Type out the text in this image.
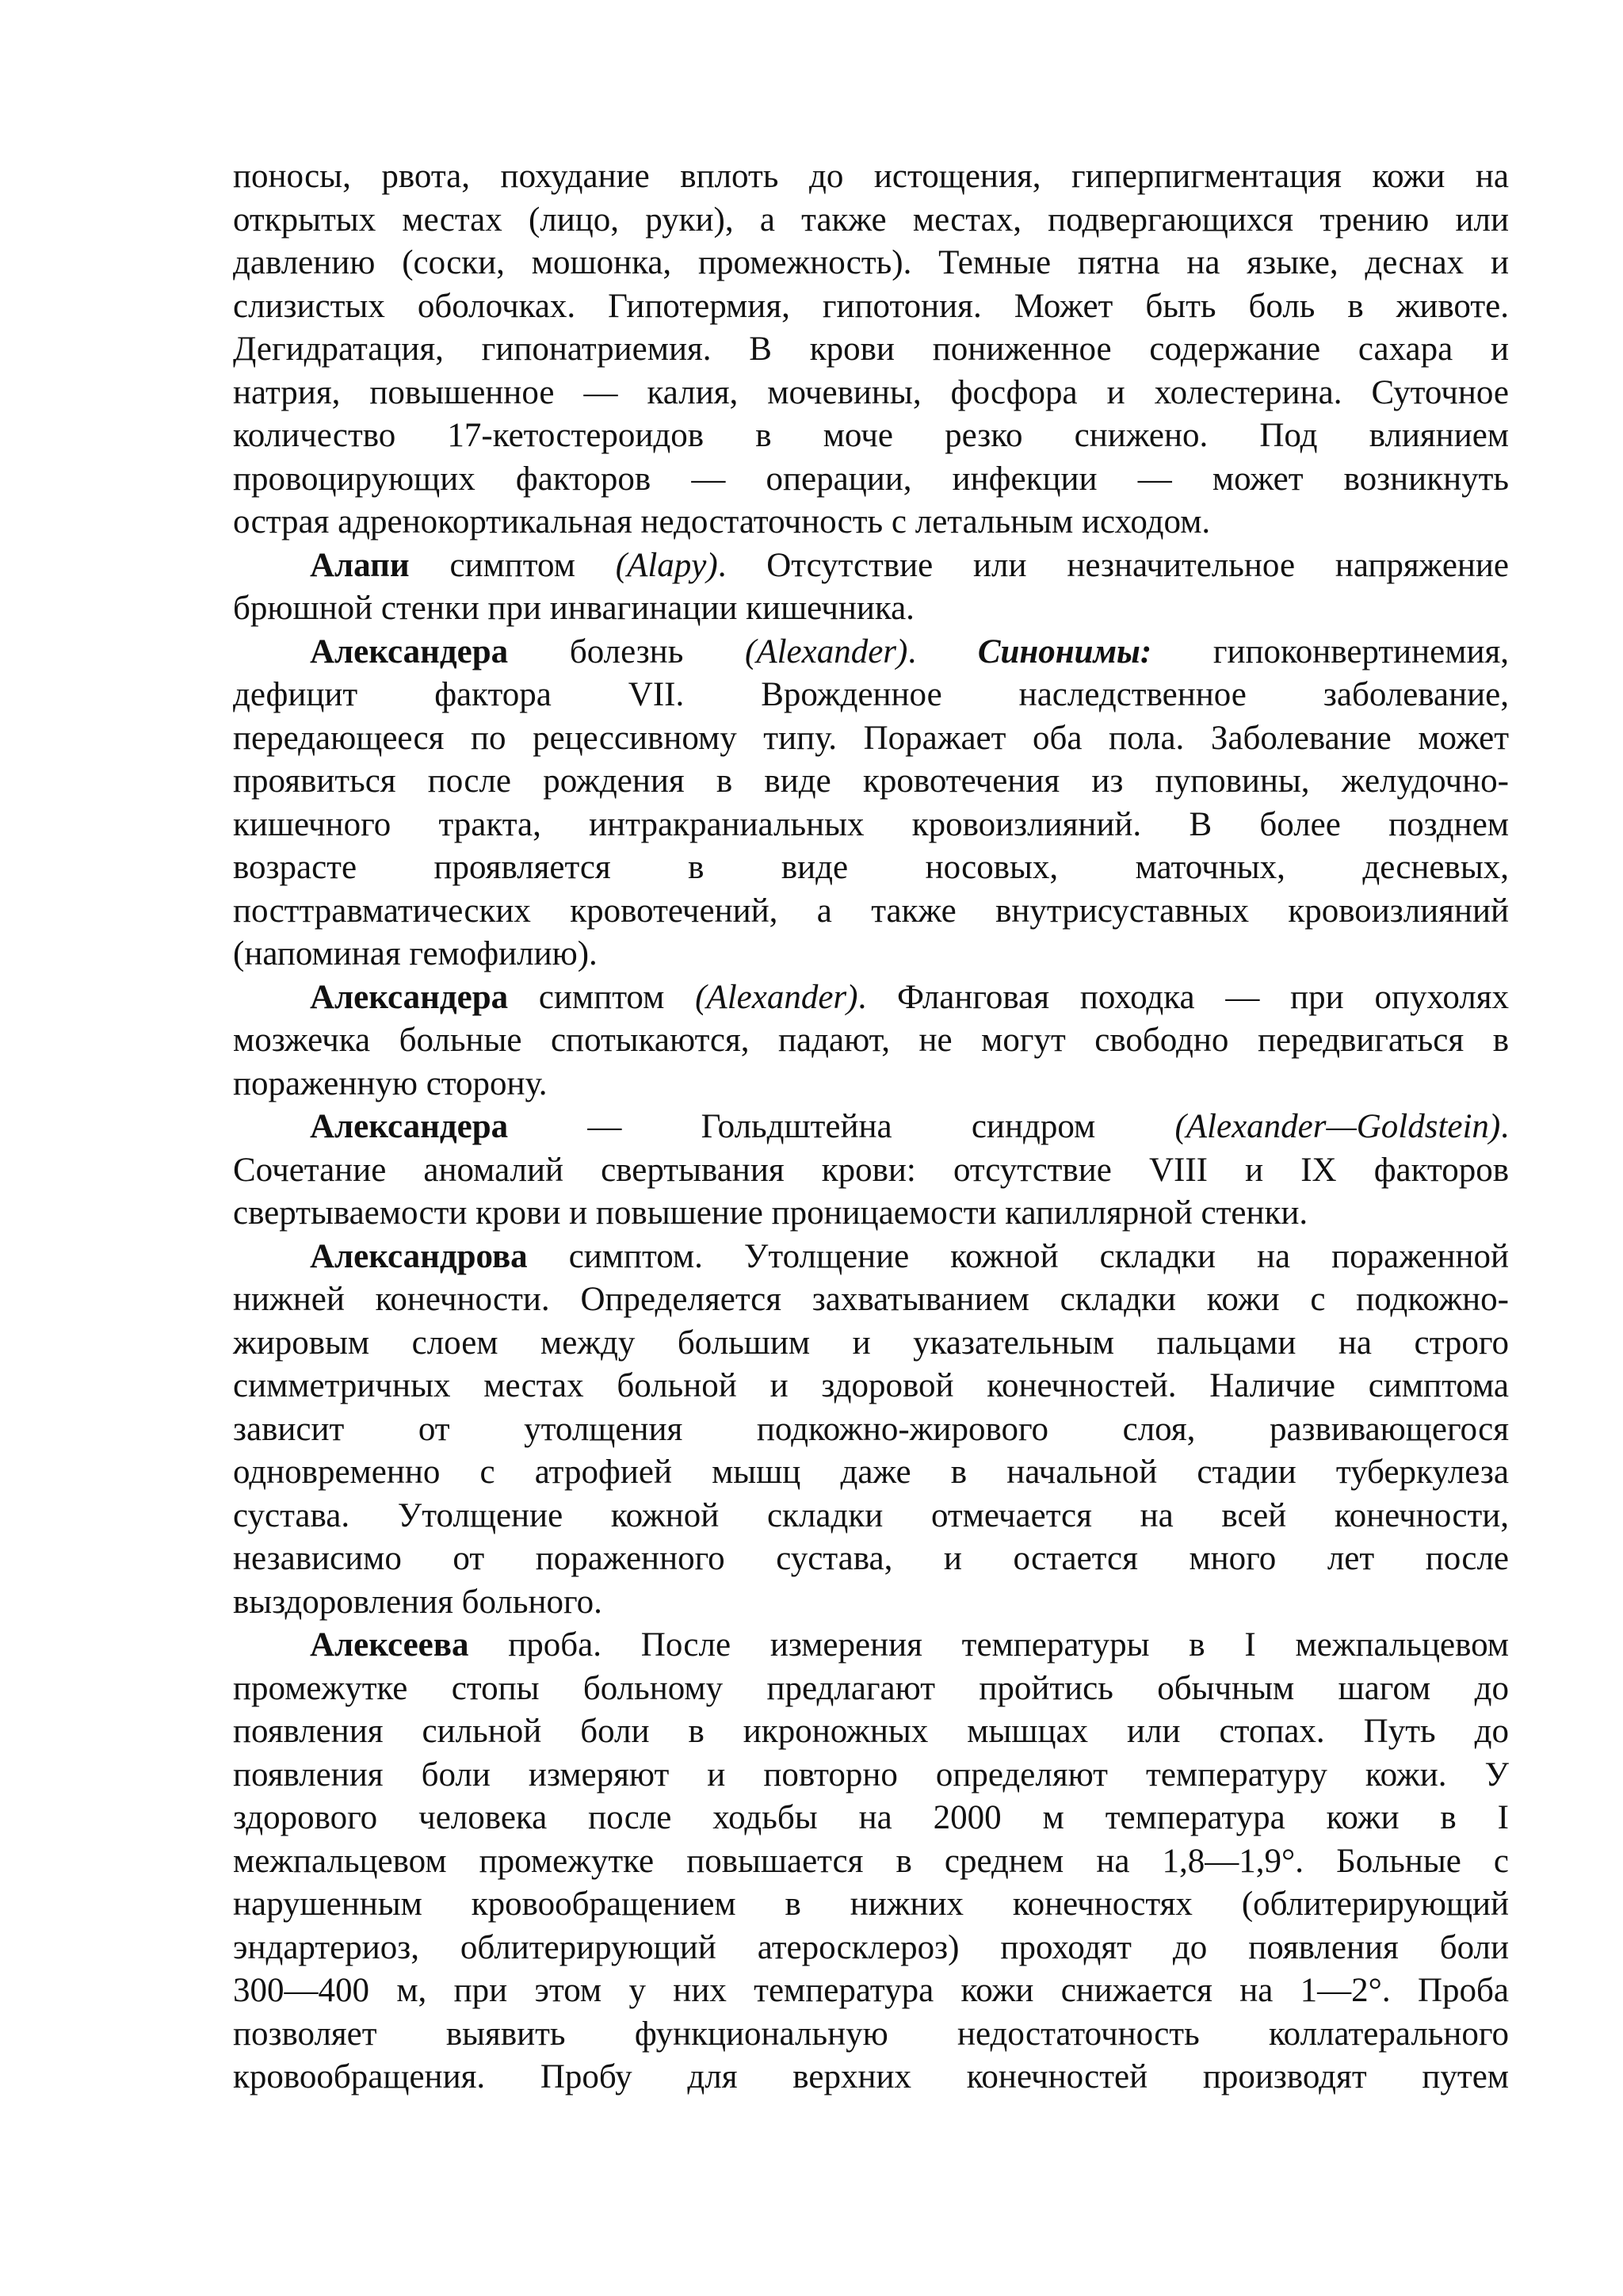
поносы, рвота, похудание вплоть до истощения, гиперпигментация кожи на
открытых местах (лицо, руки), а также местах, подвергающихся трению или
давлению (соски, мошонка, промежность). Темные пятна на языке, деснах и
слизистых оболочках. Гипотермия, гипотония. Может быть боль в животе.
Дегидратация, гипонатриемия. В крови пониженное содержание сахара и
натрия, повышенное — калия, мочевины, фосфора и холестерина. Суточное
количество 17-кетостероидов в моче резко снижено. Под влиянием
провоцирующих факторов — операции, инфекции — может возникнуть
острая адренокортикальная недостаточность с летальным исходом.
Алапи симптом (Alapy). Отсутствие или незначительное напряжение
брюшной стенки при инвагинации кишечника.
Александера болезнь (Alexander). Синонимы: гипоконвертинемия,
дефицит фактора VII. Врожденное наследственное заболевание,
передающееся по рецессивному типу. Поражает оба пола. Заболевание может
проявиться после рождения в виде кровотечения из пуповины, желудочно-
кишечного тракта, интракраниальных кровоизлияний. В более позднем
возрасте проявляется в виде носовых, маточных, десневых,
посттравматических кровотечений, а также внутрисуставных кровоизлияний
(напоминая гемофилию).
Александера симптом (Alexander). Фланговая походка — при опухолях
мозжечка больные спотыкаются, падают, не могут свободно передвигаться в
пораженную сторону.
Александера — Гольдштейна синдром (Alexander—Goldstein).
Сочетание аномалий свертывания крови: отсутствие VIII и IX факторов
свертываемости крови и повышение проницаемости капиллярной стенки.
Александрова симптом. Утолщение кожной складки на пораженной
нижней конечности. Определяется захватыванием складки кожи с подкожно-
жировым слоем между большим и указательным пальцами на строго
симметричных местах больной и здоровой конечностей. Наличие симптома
зависит от утолщения подкожно-жирового слоя, развивающегося
одновременно с атрофией мышц даже в начальной стадии туберкулеза
сустава. Утолщение кожной складки отмечается на всей конечности,
независимо от пораженного сустава, и остается много лет после
выздоровления больного.
Алексеева проба. После измерения температуры в I межпальцевом
промежутке стопы больному предлагают пройтись обычным шагом до
появления сильной боли в икроножных мышцах или стопах. Путь до
появления боли измеряют и повторно определяют температуру кожи. У
здорового человека после ходьбы на 2000 м температура кожи в I
межпальцевом промежутке повышается в среднем на 1,8—1,9°. Больные с
нарушенным кровообращением в нижних конечностях (облитерирующий
эндартериоз, облитерирующий атеросклероз) проходят до появления боли
300—400 м, при этом у них температура кожи снижается на 1—2°. Проба
позволяет выявить функциональную недостаточность коллатерального
кровообращения. Пробу для верхних конечностей производят путем
